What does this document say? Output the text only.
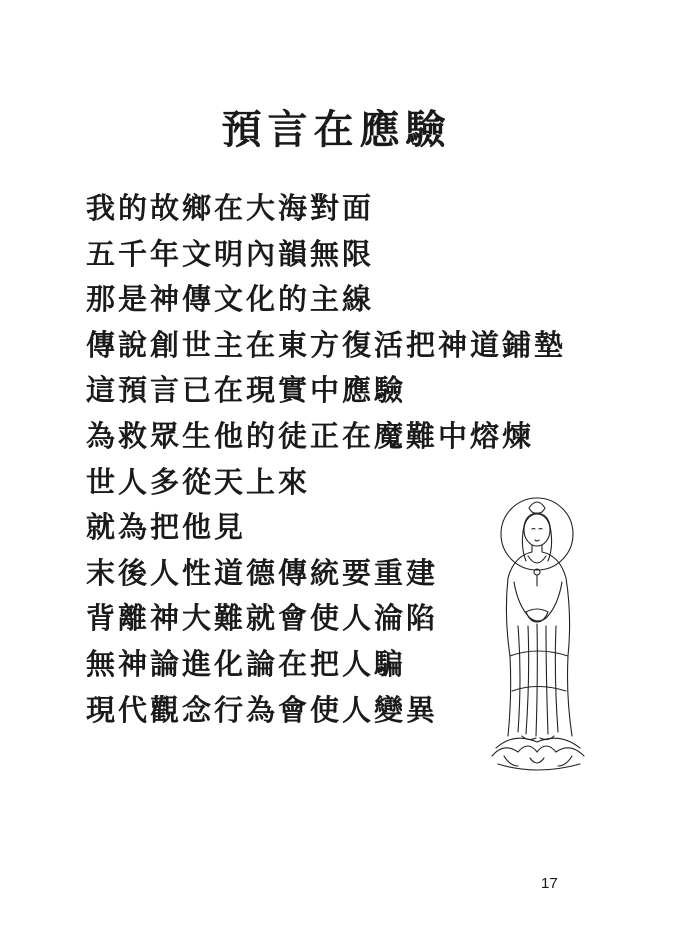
預言在應驗
我的故鄉在大海對面
五千年文明內韻無限
那是神傳文化的主線
傳說創世主在東方復活把神道鋪墊
這預言已在現實中應驗
為救眾生他的徒正在魔難中熔煉
世人多從天上來
就為把他見
末後人性道德傳統要重建
背離神大難就會使人淪陷
無神論進化論在把人騙
現代觀念行為會使人變異
17
